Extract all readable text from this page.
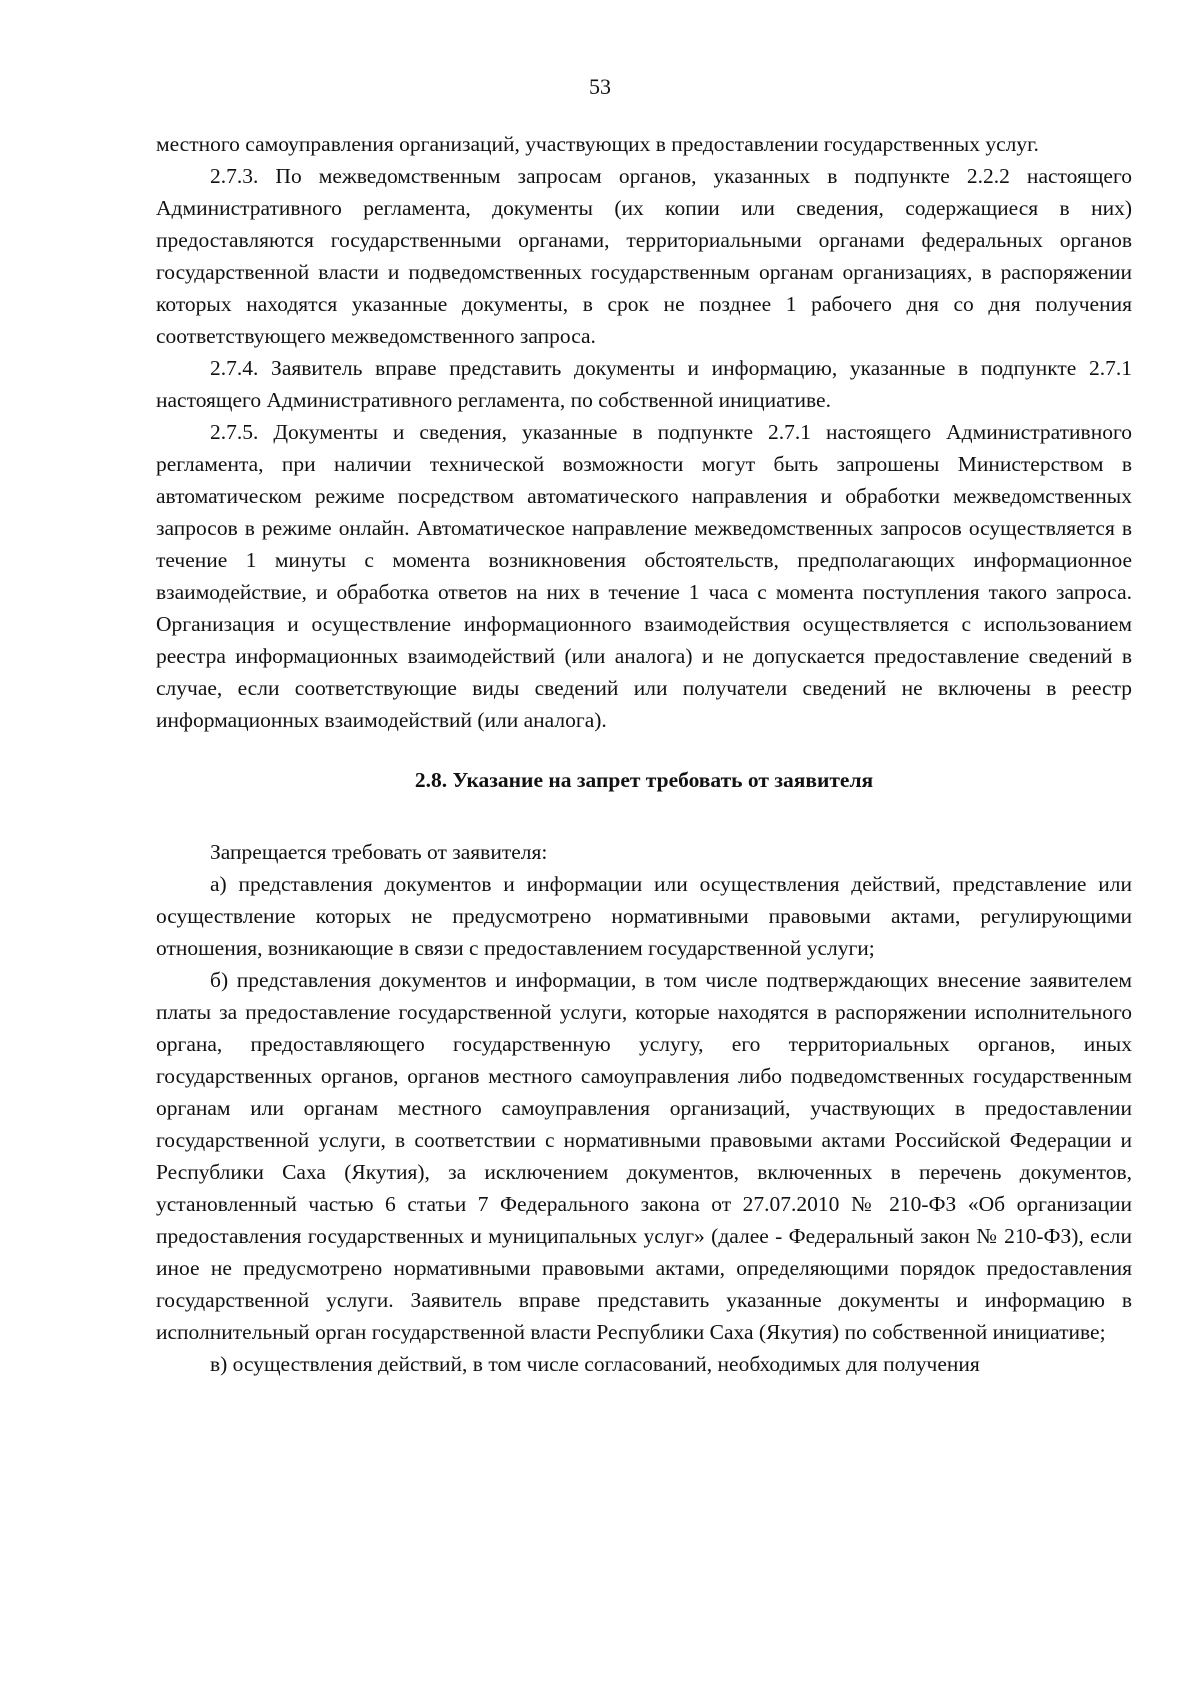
53

местного самоуправления организаций, участвующих в предоставлении государственных услуг.

2.7.3. По межведомственным запросам органов, указанных в подпункте 2.2.2 настоящего Административного регламента, документы (их копии или сведения, содержащиеся в них) предоставляются государственными органами, территориальными органами федеральных органов государственной власти и подведомственных государственным органам организациях, в распоряжении которых находятся указанные документы, в срок не позднее 1 рабочего дня со дня получения соответствующего межведомственного запроса.

2.7.4. Заявитель вправе представить документы и информацию, указанные в подпункте 2.7.1 настоящего Административного регламента, по собственной инициативе.

2.7.5. Документы и сведения, указанные в подпункте 2.7.1 настоящего Административного регламента, при наличии технической возможности могут быть запрошены Министерством в автоматическом режиме посредством автоматического направления и обработки межведомственных запросов в режиме онлайн. Автоматическое направление межведомственных запросов осуществляется в течение 1 минуты с момента возникновения обстоятельств, предполагающих информационное взаимодействие, и обработка ответов на них в течение 1 часа с момента поступления такого запроса. Организация и осуществление информационного взаимодействия осуществляется с использованием реестра информационных взаимодействий (или аналога) и не допускается предоставление сведений в случае, если соответствующие виды сведений или получатели сведений не включены в реестр информационных взаимодействий (или аналога).

2.8. Указание на запрет требовать от заявителя

Запрещается требовать от заявителя:

а) представления документов и информации или осуществления действий, представление или осуществление которых не предусмотрено нормативными правовыми актами, регулирующими отношения, возникающие в связи с предоставлением государственной услуги;

б) представления документов и информации, в том числе подтверждающих внесение заявителем платы за предоставление государственной услуги, которые находятся в распоряжении исполнительного органа, предоставляющего государственную услугу, его территориальных органов, иных государственных органов, органов местного самоуправления либо подведомственных государственным органам или органам местного самоуправления организаций, участвующих в предоставлении государственной услуги, в соответствии с нормативными правовыми актами Российской Федерации и Республики Саха (Якутия), за исключением документов, включенных в перечень документов, установленный частью 6 статьи 7 Федерального закона от 27.07.2010 № 210-ФЗ «Об организации предоставления государственных и муниципальных услуг» (далее - Федеральный закон № 210-ФЗ), если иное не предусмотрено нормативными правовыми актами, определяющими порядок предоставления государственной услуги. Заявитель вправе представить указанные документы и информацию в исполнительный орган государственной власти Республики Саха (Якутия) по собственной инициативе;

в) осуществления действий, в том числе согласований, необходимых для получения
